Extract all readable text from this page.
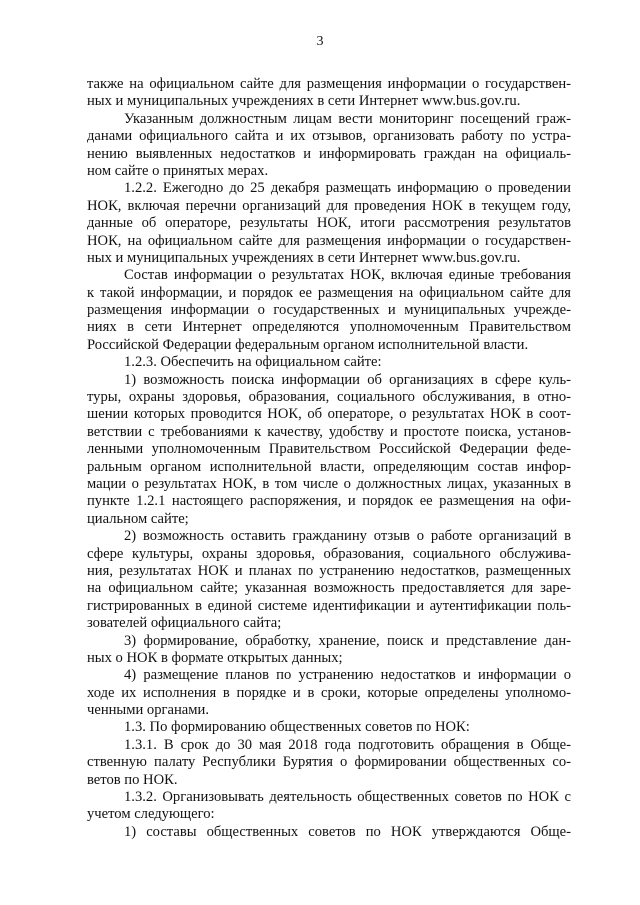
3
также на официальном сайте для размещения информации о государствен-
ных и муниципальных учреждениях в сети Интернет www.bus.gov.ru.
Указанным должностным лицам вести мониторинг посещений граж-
данами официального сайта и их отзывов, организовать работу по устра-
нению выявленных недостатков и информировать граждан на официаль-
ном сайте о принятых мерах.
1.2.2. Ежегодно до 25 декабря размещать информацию о проведении
НОК, включая перечни организаций для проведения НОК в текущем году,
данные об операторе, результаты НОК, итоги рассмотрения результатов
НОК, на официальном сайте для размещения информации о государствен-
ных и муниципальных учреждениях в сети Интернет www.bus.gov.ru.
Состав информации о результатах НОК, включая единые требования
к такой информации, и порядок ее размещения на официальном сайте для
размещения информации о государственных и муниципальных учрежде-
ниях в сети Интернет определяются уполномоченным Правительством
Российской Федерации федеральным органом исполнительной власти.
1.2.3. Обеспечить на официальном сайте:
1) возможность поиска информации об организациях в сфере куль-
туры, охраны здоровья, образования, социального обслуживания, в отно-
шении которых проводится НОК, об операторе, о результатах НОК в соот-
ветствии с требованиями к качеству, удобству и простоте поиска, установ-
ленными уполномоченным Правительством Российской Федерации феде-
ральным органом исполнительной власти, определяющим состав инфор-
мации о результатах НОК, в том числе о должностных лицах, указанных в
пункте 1.2.1 настоящего распоряжения, и порядок ее размещения на офи-
циальном сайте;
2) возможность оставить гражданину отзыв о работе организаций в
сфере культуры, охраны здоровья, образования, социального обслужива-
ния, результатах НОК и планах по устранению недостатков, размещенных
на официальном сайте; указанная возможность предоставляется для заре-
гистрированных в единой системе идентификации и аутентификации поль-
зователей официального сайта;
3) формирование, обработку, хранение, поиск и представление дан-
ных о НОК в формате открытых данных;
4) размещение планов по устранению недостатков и информации о
ходе их исполнения в порядке и в сроки, которые определены уполномо-
ченными органами.
1.3. По формированию общественных советов по НОК:
1.3.1. В срок до 30 мая 2018 года подготовить обращения в Обще-
ственную палату Республики Бурятия о формировании общественных со-
ветов по НОК.
1.3.2. Организовывать деятельность общественных советов по НОК с
учетом следующего:
1) составы общественных советов по НОК утверждаются Обще-
